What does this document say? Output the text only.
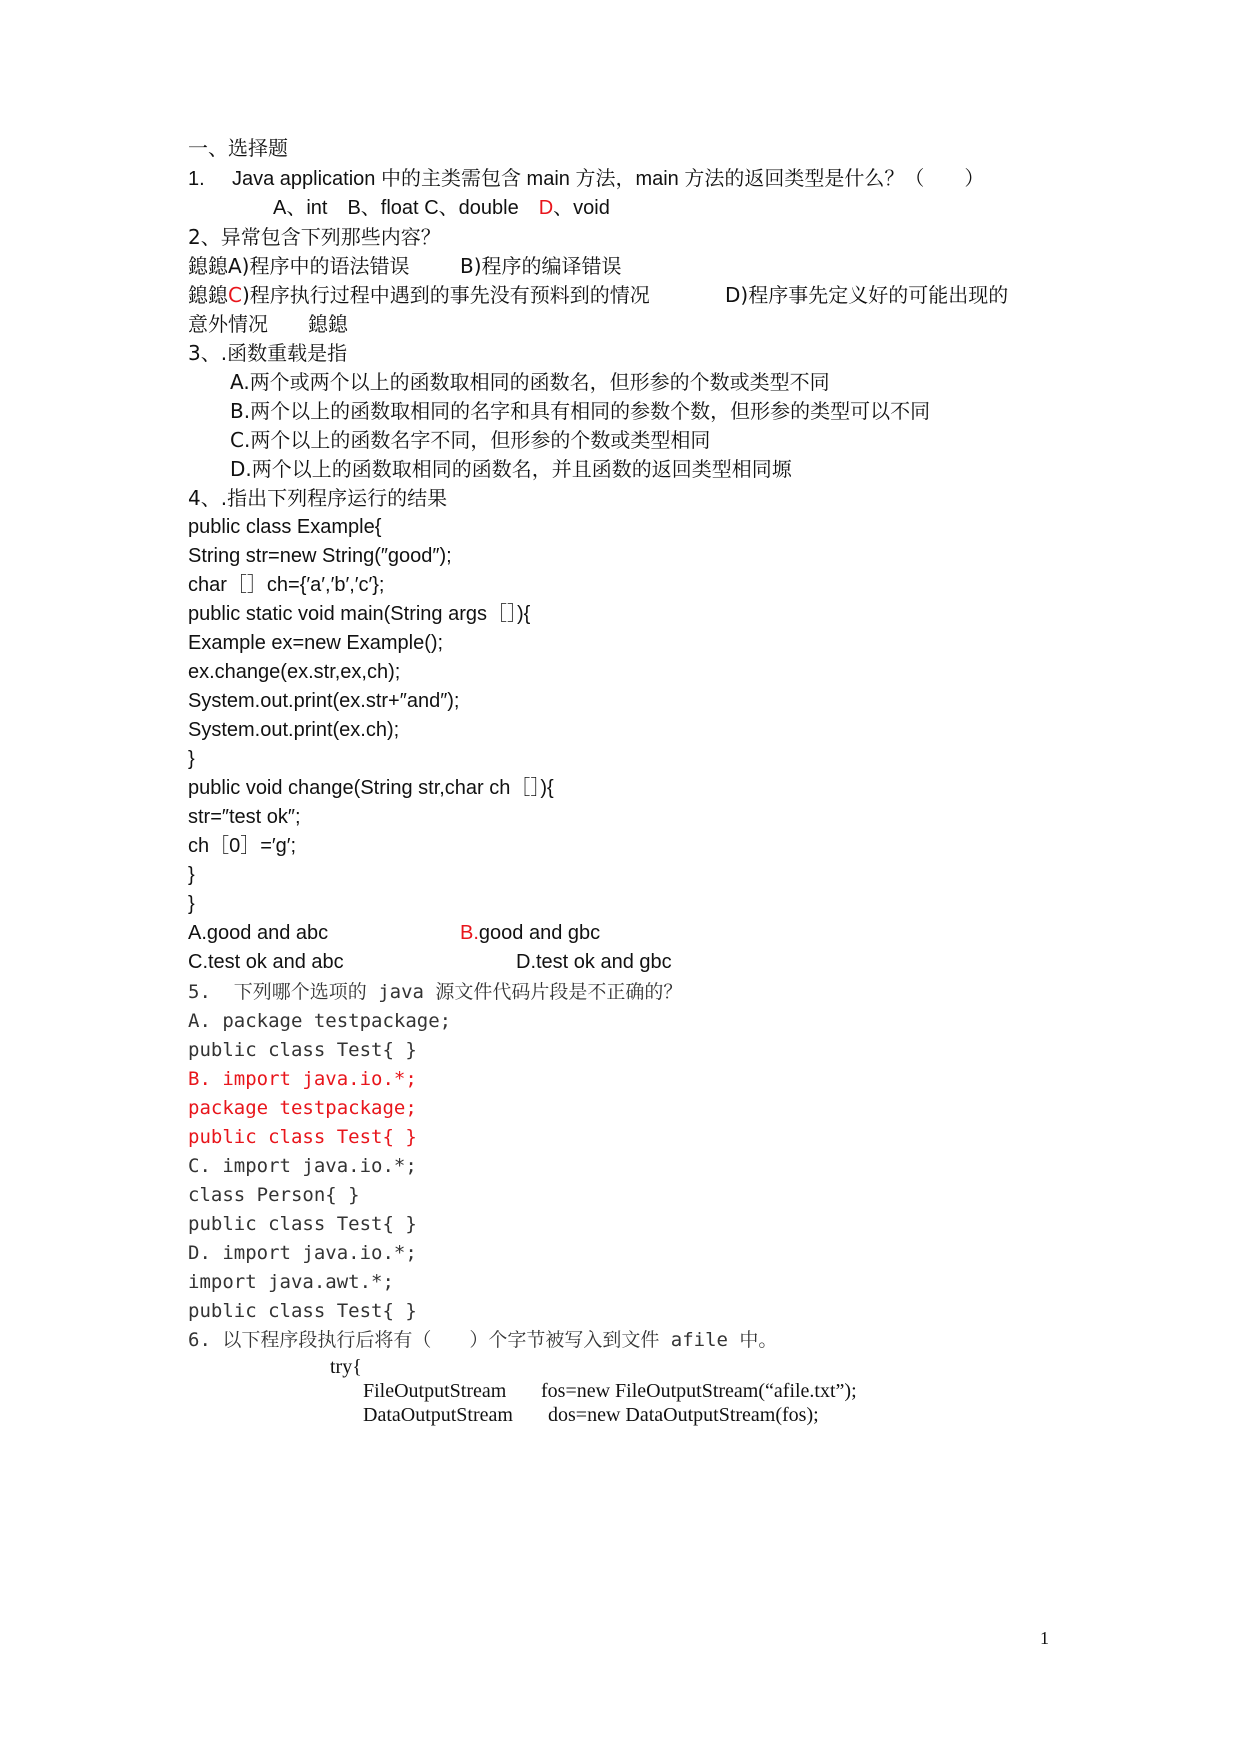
一、选择题
1. Java application 中的主类需包含 main 方法，main 方法的返回类型是什么？（　　）
A、int　 B、float C、double　 D、void
2、异常包含下列那些内容？
鎴鎴A)程序中的语法错误	B)程序的编译错误
鎴鎴C)程序执行过程中遇到的事先没有预料到的情况	D)程序事先定义好的可能出现的
意外情况　　鎴鎴
3、.函数重载是指
A.两个或两个以上的函数取相同的函数名，但形参的个数或类型不同
B.两个以上的函数取相同的名字和具有相同的参数个数，但形参的类型可以不同
C.两个以上的函数名字不同，但形参的个数或类型相同
D.两个以上的函数取相同的函数名，并且函数的返回类型相同塬
4、.指出下列程序运行的结果
public class Example{
String str=new String(″good″);
char［］ch={′a′,′b′,′c′};
public static void main(String args［］){
Example ex=new Example();
ex.change(ex.str,ex,ch);
System.out.print(ex.str+″and″);
System.out.print(ex.ch);
}
public void change(String str,char ch［］){
str=″test ok″;
ch［0］=′g′;
}
}
A.good and abc	B.good and gbc
C.test ok and abc	D.test ok and gbc
5.  下列哪个选项的 java 源文件代码片段是不正确的？
A. package testpackage;
public class Test{ }
B. import java.io.*;
package testpackage;
public class Test{ }
C. import java.io.*;
class Person{ }
public class Test{ }
D. import java.io.*;
import java.awt.*;
public class Test{ }
6. 以下程序段执行后将有（　　）个字节被写入到文件 afile 中。
try{
FileOutputStream fos=new FileOutputStream(“afile.txt”);
DataOutputStream dos=new DataOutputStream(fos);
1
